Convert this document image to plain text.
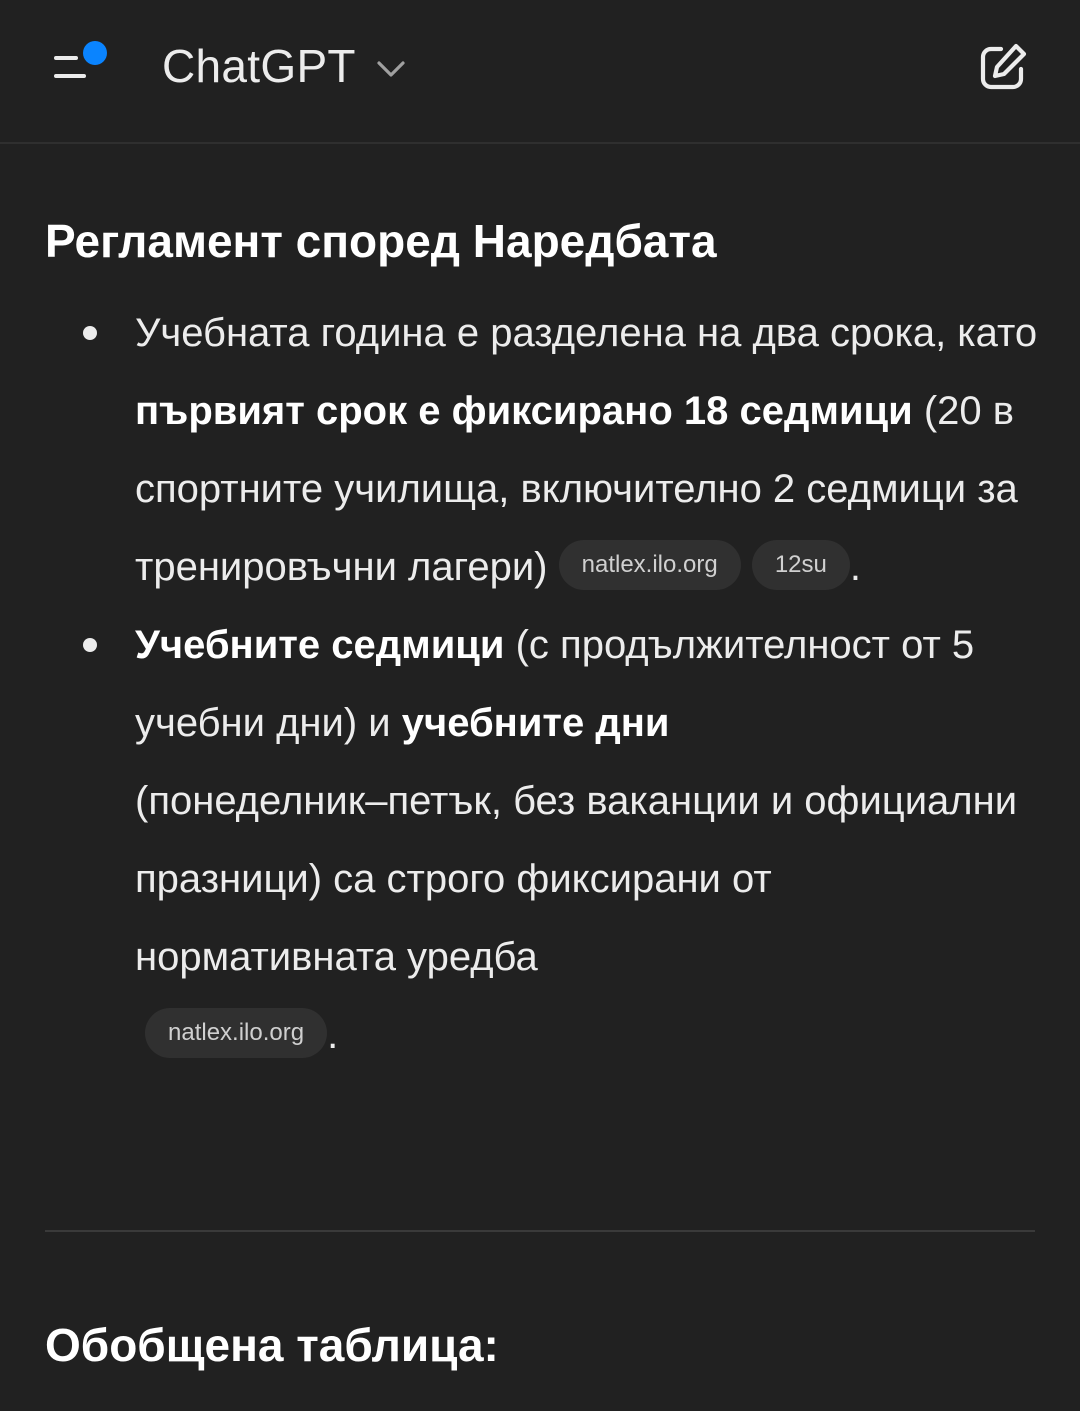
ChatGPT
Регламент според Наредбата
Учебната година е разделена на два срока, като първият срок е фиксирано 18 седмици (20 в спортните училища, включително 2 седмици за тренировъчни лагери) natlex.ilo.org 12su .
Учебните седмици (с продължителност от 5 учебни дни) и учебните дни
(понеделник–петък, без ваканции и официални празници) са строго фиксирани от нормативната уредба
natlex.ilo.org .
Обобщена таблица:
